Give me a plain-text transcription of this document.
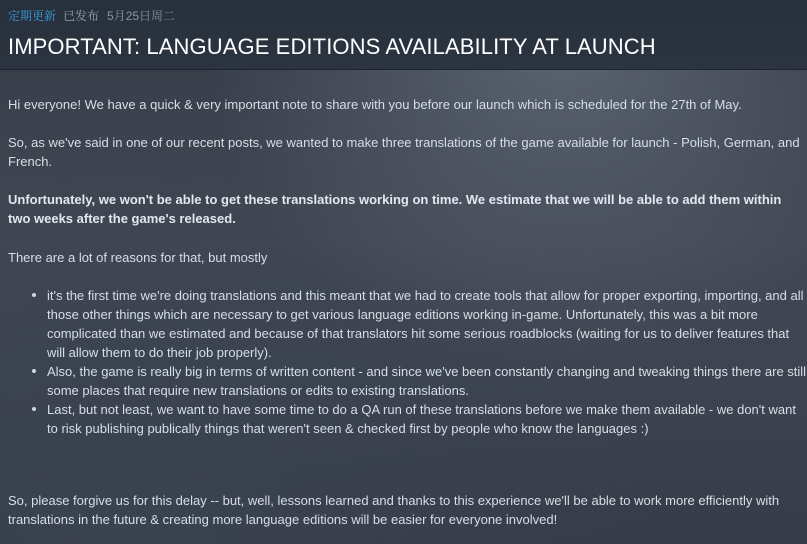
定期更新 已发布 5月25日周二
IMPORTANT: LANGUAGE EDITIONS AVAILABILITY AT LAUNCH

Hi everyone! We have a quick & very important note to share with you before our launch which is scheduled for the 27th of May.

So, as we've said in one of our recent posts, we wanted to make three translations of the game available for launch - Polish, German, and French.

Unfortunately, we won't be able to get these translations working on time. We estimate that we will be able to add them within two weeks after the game's released.

There are a lot of reasons for that, but mostly

it's the first time we're doing translations and this meant that we had to create tools that allow for proper exporting, importing, and all those other things which are necessary to get various language editions working in-game. Unfortunately, this was a bit more complicated than we estimated and because of that translators hit some serious roadblocks (waiting for us to deliver features that will allow them to do their job properly).
Also, the game is really big in terms of written content - and since we've been constantly changing and tweaking things there are still some places that require new translations or edits to existing translations.
Last, but not least, we want to have some time to do a QA run of these translations before we make them available - we don't want to risk publishing publically things that weren't seen & checked first by people who know the languages :)

So, please forgive us for this delay -- but, well, lessons learned and thanks to this experience we'll be able to work more efficiently with translations in the future & creating more language editions will be easier for everyone involved!
